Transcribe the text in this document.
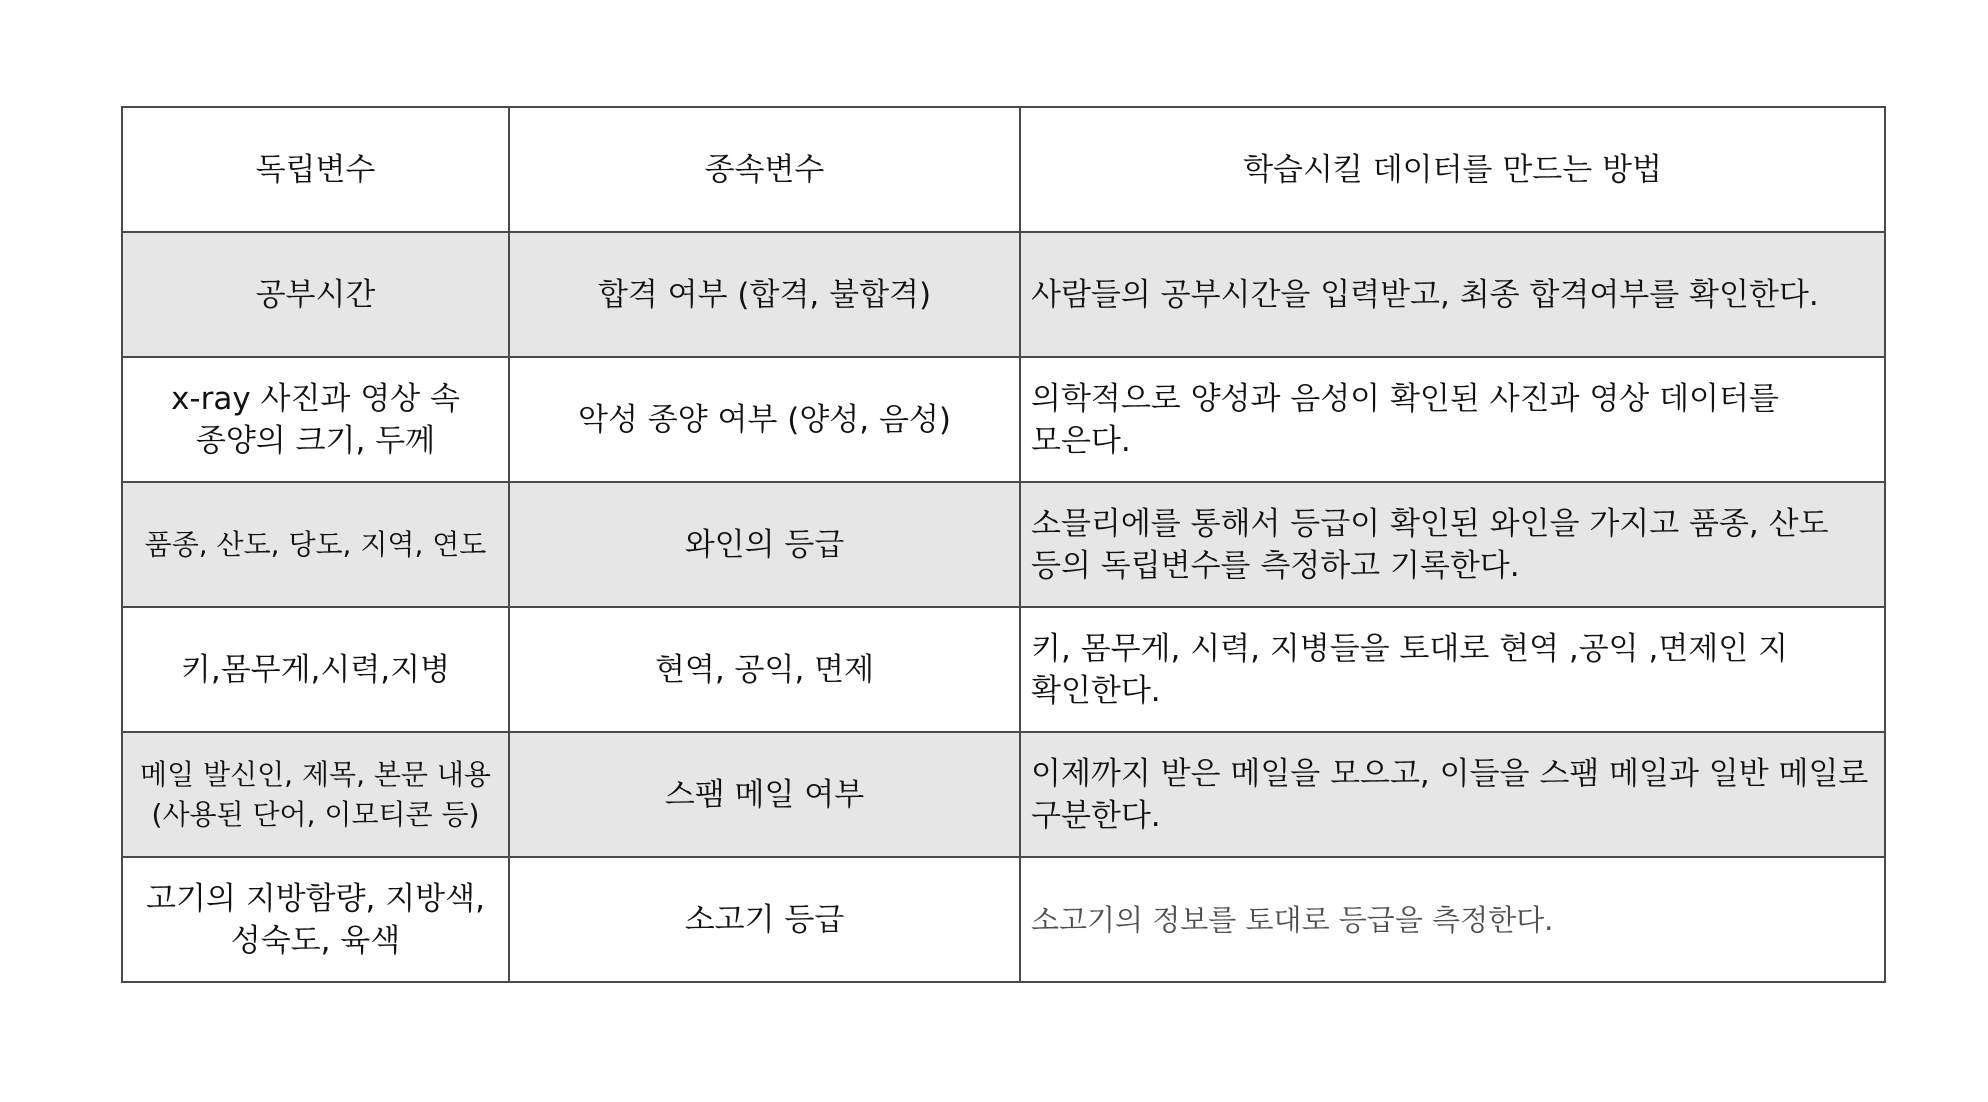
독립변수	종속변수	학습시킬 데이터를 만드는 방법
공부시간	합격 여부 (합격, 불합격)	사람들의 공부시간을 입력받고, 최종 합격여부를 확인한다.
x-ray 사진과 영상 속 종양의 크기, 두께	악성 종양 여부 (양성, 음성)	의학적으로 양성과 음성이 확인된 사진과 영상 데이터를 모은다.
품종, 산도, 당도, 지역, 연도	와인의 등급	소믈리에를 통해서 등급이 확인된 와인을 가지고 품종, 산도 등의 독립변수를 측정하고 기록한다.
키,몸무게,시력,지병	현역, 공익, 면제	키, 몸무게, 시력, 지병들을 토대로 현역 ,공익 ,면제인 지 확인한다.
메일 발신인, 제목, 본문 내용 (사용된 단어, 이모티콘 등)	스팸 메일 여부	이제까지 받은 메일을 모으고, 이들을 스팸 메일과 일반 메일로 구분한다.
고기의 지방함량, 지방색, 성숙도, 육색	소고기 등급	소고기의 정보를 토대로 등급을 측정한다.
